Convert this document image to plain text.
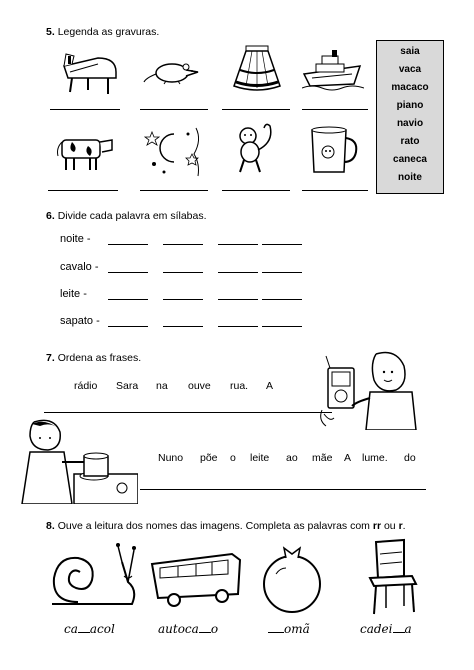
5. Legenda as gravuras.
saia
vaca
macaco
piano
navio
rato
caneca
noite
6. Divide cada palavra em sílabas.
noite -
cavalo -
leite -
sapato -
7. Ordena as frases.
rádio Sara na ouve rua. A
Nuno põe o leite ao mãe A lume. do
8. Ouve a leitura dos nomes das imagens. Completa as palavras com rr ou r.
ca acol	autoca o	omã	cadei a
